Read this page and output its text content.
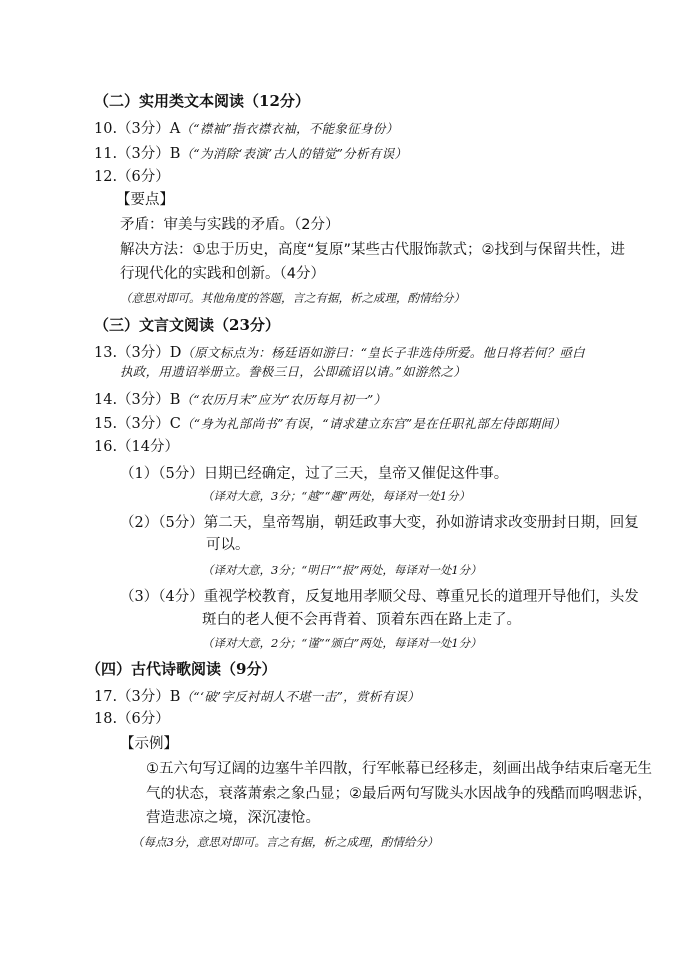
（二）实用类文本阅读（12分）
10.（3分）A（“襟袖”指衣襟衣袖，不能象征身份）
11.（3分）B（“为消除‘表演’古人的错觉”分析有误）
12.（6分）
【要点】
矛盾：审美与实践的矛盾。（2分）
解决方法：①忠于历史，高度“复原”某些古代服饰款式；②找到与保留共性，进
行现代化的实践和创新。（4分）
（意思对即可。其他角度的答题，言之有据，析之成理，酌情给分）
（三）文言文阅读（23分）
13.（3分）D（原文标点为：杨廷语如游曰：“皇长子非选侍所爱。他日将若何？亟白
执政，用遗诏举册立。誊极三日，公即疏诏以请。”如游然之）
14.（3分）B（“农历月末”应为“农历每月初一”）
15.（3分）C（“身为礼部尚书”有误，“请求建立东宫”是在任职礼部左侍郎期间）
16.（14分）
（1）（5分）日期已经确定，过了三天，皇帝又催促这件事。
（译对大意，3分；“越”“趣”两处，每译对一处1分）
（2）（5分）第二天，皇帝驾崩，朝廷政事大变，孙如游请求改变册封日期，回复
可以。
（译对大意，3分；“明日”“报”两处，每译对一处1分）
（3）（4分）重视学校教育，反复地用孝顺父母、尊重兄长的道理开导他们，头发
斑白的老人便不会再背着、顶着东西在路上走了。
（译对大意，2分；“谨”“颁白”两处，每译对一处1分）
（四）古代诗歌阅读（9分）
17.（3分）B（“‘破’字反衬胡人不堪一击”，赏析有误）
18.（6分）
【示例】
①五六句写辽阔的边塞牛羊四散，行军帐幕已经移走，刻画出战争结束后毫无生
气的状态，衰落萧索之象凸显；②最后两句写陇头水因战争的残酷而呜咽悲诉，
营造悲凉之境，深沉凄怆。
（每点3分，意思对即可。言之有据，析之成理，酌情给分）
